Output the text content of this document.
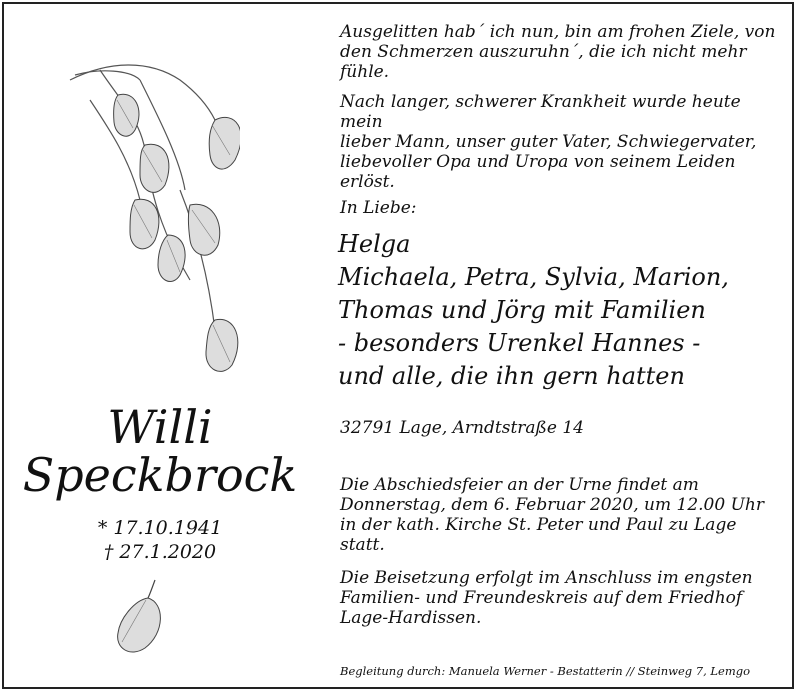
Willi
Speckbrock
* 17.10.1941
† 27.1.2020
Ausgelitten hab´ ich nun, bin am frohen Ziele, von
den Schmerzen auszuruhn´, die ich nicht mehr fühle.
Nach langer, schwerer Krankheit wurde heute mein
lieber Mann, unser guter Vater, Schwiegervater,
liebevoller Opa und Uropa von seinem Leiden erlöst.
In Liebe:
Helga
Michaela, Petra, Sylvia, Marion,
Thomas und Jörg mit Familien
- besonders Urenkel Hannes -
und alle, die ihn gern hatten
32791 Lage, Arndtstraße 14
Die Abschiedsfeier an der Urne findet am
Donnerstag, dem 6. Februar 2020, um 12.00 Uhr
in der kath. Kirche St. Peter und Paul zu Lage statt.
Die Beisetzung erfolgt im Anschluss im engsten
Familien- und Freundeskreis auf dem Friedhof
Lage-Hardissen.
Begleitung durch: Manuela Werner - Bestatterin // Steinweg 7, Lemgo
